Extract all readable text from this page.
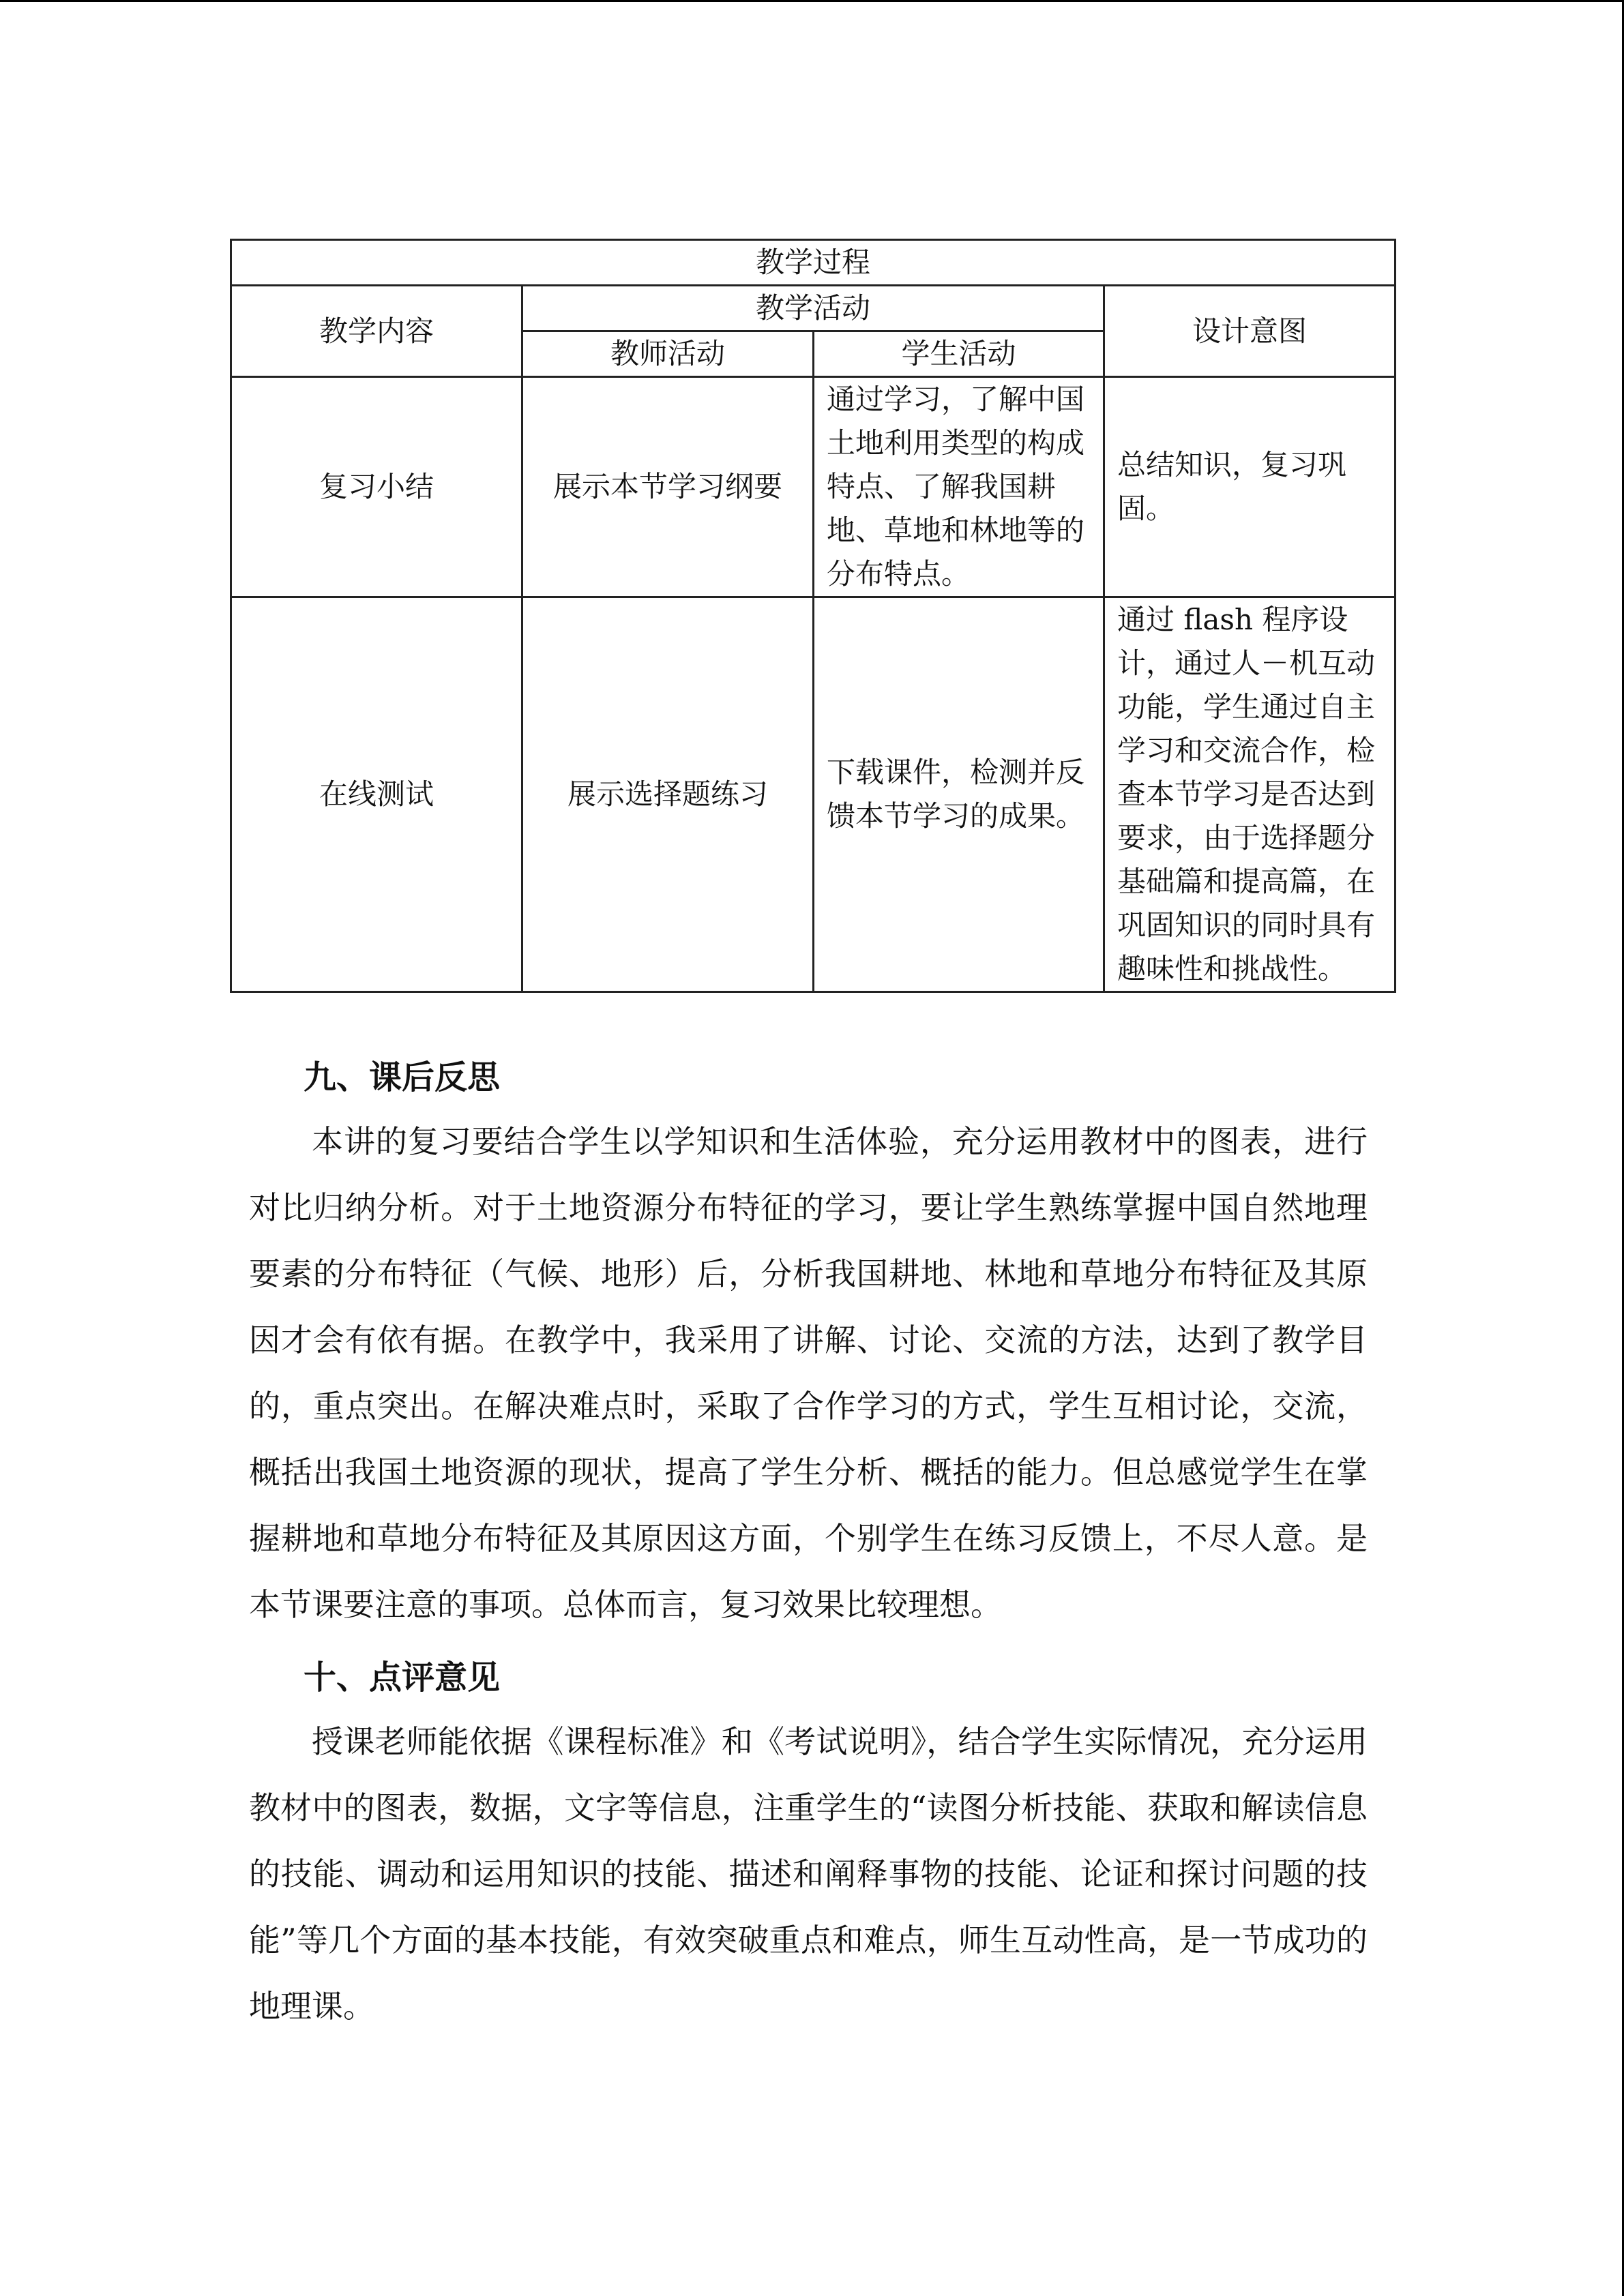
教学过程			
教学内容	教学活动		设计意图
	教师活动	学生活动	
复习小结	展示本节学习纲要	通过学习，了解中国土地利用类型的构成特点、了解我国耕地、草地和林地等的分布特点。	总结知识，复习巩固。
在线测试	展示选择题练习	下载课件，检测并反馈本节学习的成果。	通过 flash 程序设计，通过人－机互动功能，学生通过自主学习和交流合作，检查本节学习是否达到要求，由于选择题分基础篇和提高篇，在巩固知识的同时具有趣味性和挑战性。
九、课后反思

本讲的复习要结合学生以学知识和生活体验，充分运用教材中的图表，进行对比归纳分析。对于土地资源分布特征的学习，要让学生熟练掌握中国自然地理要素的分布特征（气候、地形）后，分析我国耕地、林地和草地分布特征及其原因才会有依有据。在教学中，我采用了讲解、讨论、交流的方法，达到了教学目的，重点突出。在解决难点时，采取了合作学习的方式，学生互相讨论，交流，概括出我国土地资源的现状，提高了学生分析、概括的能力。但总感觉学生在掌握耕地和草地分布特征及其原因这方面，个别学生在练习反馈上，不尽人意。是本节课要注意的事项。总体而言，复习效果比较理想。

十、点评意见

授课老师能依据《课程标准》和《考试说明》，结合学生实际情况，充分运用教材中的图表，数据，文字等信息，注重学生的“读图分析技能、获取和解读信息的技能、调动和运用知识的技能、描述和阐释事物的技能、论证和探讨问题的技能”等几个方面的基本技能，有效突破重点和难点，师生互动性高，是一节成功的地理课。
